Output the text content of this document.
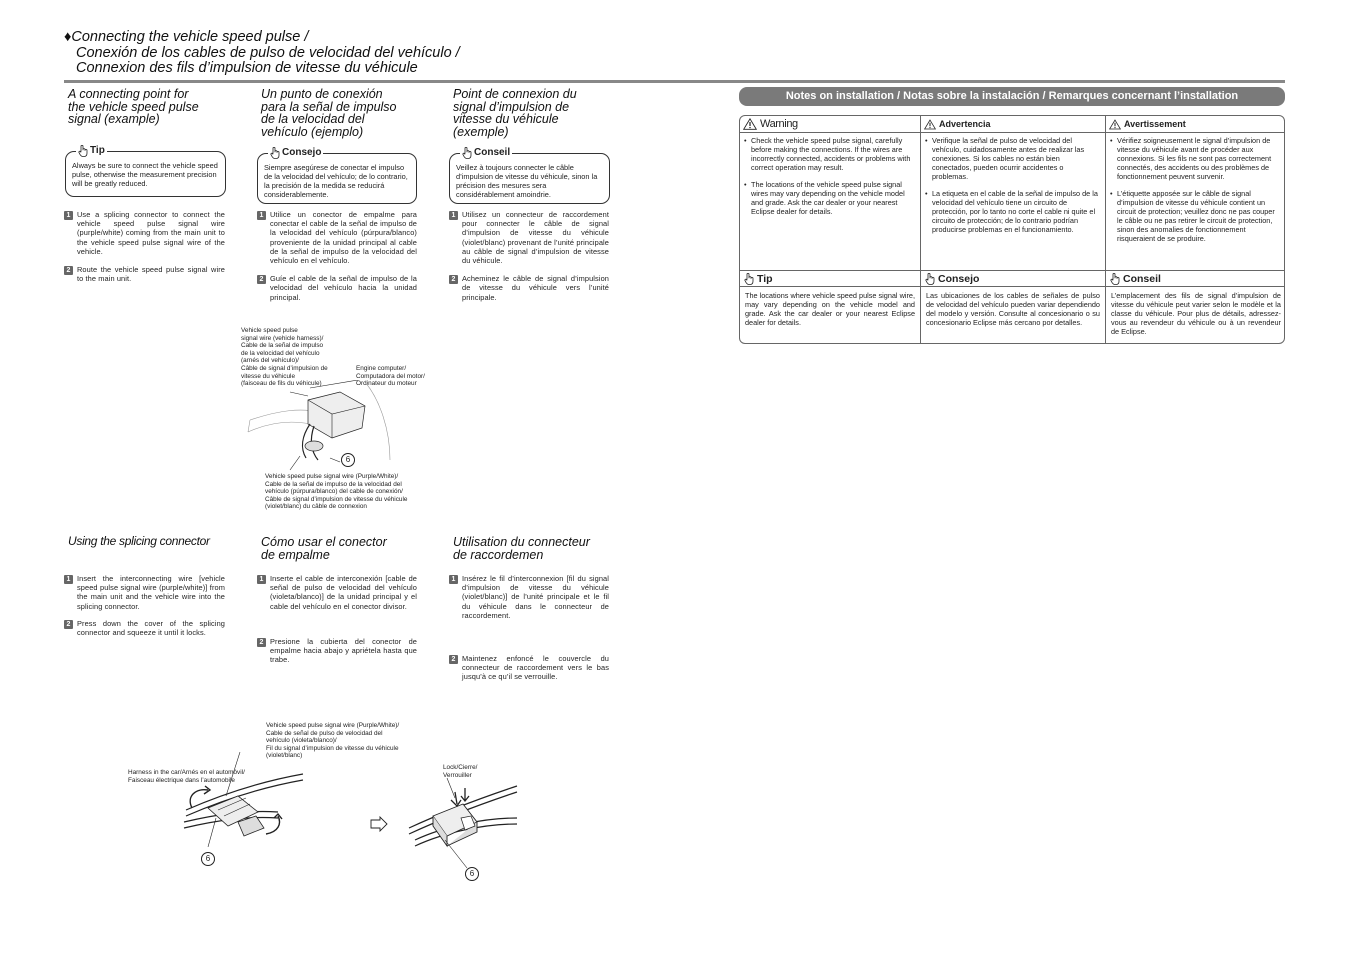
♦Connecting the vehicle speed pulse /
Conexión de los cables de pulso de velocidad del vehículo /
Connexion des fils d’impulsion de vitesse du véhicule
A connecting point for
the vehicle speed pulse
signal (example)
Un punto de conexión
para la señal de impulso
de la velocidad del
vehículo (ejemplo)
Point de connexion du
signal d’impulsion de
vitesse du véhicule
(exemple)
Tip
Always be sure to connect the vehicle speed pulse, otherwise the measurement precision will be greatly reduced.
Consejo
Siempre asegúrese de conectar el impulso de la velocidad del vehículo; de lo contrario, la precisión de la medida se reducirá considerablemente.
Conseil
Veillez à toujours connecter le câble d’impulsion de vitesse du véhicule, sinon la précision des mesures sera considérablement amoindrie.
1 Use a splicing connector to connect the vehicle speed pulse signal wire (purple/white) coming from the main unit to the vehicle speed pulse signal wire of the vehicle.
2 Route the vehicle speed pulse signal wire to the main unit.
1 Utilice un conector de empalme para conectar el cable de la señal de impulso de la velocidad del vehículo (púrpura/blanco) proveniente de la unidad principal al cable de la señal de impulso de la velocidad del vehículo en el vehículo.
2 Guíe el cable de la señal de impulso de la velocidad del vehículo hacia la unidad principal.
1 Utilisez un connecteur de raccordement pour connecter le câble de signal d’impulsion de vitesse du véhicule (violet/blanc) provenant de l’unité principale au câble de signal d’impulsion de vitesse du véhicule.
2 Acheminez le câble de signal d’impulsion de vitesse du véhicule vers l’unité principale.
Vehicle speed pulse
signal wire (vehicle harness)/
Cable de la señal de impulso
de la velocidad del vehículo
(arnés del vehículo)/
Câble de signal d’impulsion de
vitesse du véhicule
(faisceau de fils du véhicule)
Engine computer/
Computadora del motor/
Ordinateur du moteur
6
Vehicle speed pulse signal wire (Purple/White)/
Cable de la señal de impulso de la velocidad del
vehículo (púrpura/blanco) del cable de conexión/
Câble de signal d’impulsion de vitesse du véhicule
(violet/blanc) du câble de connexion
Using the splicing connector	Cómo usar el conector
de empalme
Utilisation du connecteur
de raccordemen
1 Insert the interconnecting wire [vehicle speed pulse signal wire (purple/white)] from the main unit and the vehicle wire into the splicing connector.
2 Press down the cover of the splicing connector and squeeze it until it locks.
1 Inserte el cable de interconexión [cable de señal de pulso de velocidad del vehículo (violeta/blanco)] de la unidad principal y el cable del vehículo en el conector divisor.
2 Presione la cubierta del conector de empalme hacia abajo y apriétela hasta que trabe.
1 Insérez le fil d’interconnexion [fil du signal d’impulsion de vitesse du véhicule (violet/blanc)] de l’unité principale et le fil du véhicule dans le connecteur de raccordement.
2 Maintenez enfoncé le couvercle du connecteur de raccordement vers le bas jusqu’à ce qu’il se verrouille.
Vehicle speed pulse signal wire (Purple/White)/
Cable de señal de pulso de velocidad del
vehículo (violeta/blanco)/
Fil du signal d’impulsion de vitesse du véhicule
(violet/blanc)
Harness in the car/Arnés en el automóvil/
Faisceau électrique dans l’automobile
Lock/Cierre/
Verrouiller
6
6
Notes on installation / Notas sobre la instalación / Remarques concernant l’installation
Warning
• Check the vehicle speed pulse signal, carefully before making the connections. If the wires are incorrectly connected, accidents or problems with correct operation may result.
• The locations of the vehicle speed pulse signal wires may vary depending on the vehicle model and grade. Ask the car dealer or your nearest Eclipse dealer for details.
Tip
The locations where vehicle speed pulse signal wire, may vary depending on the vehicle model and grade. Ask the car dealer or your nearest Eclipse dealer for details.
Advertencia
• Verifique la señal de pulso de velocidad del vehículo, cuidadosamente antes de realizar las conexiones. Si los cables no están bien conectados, pueden ocurrir accidentes o problemas.
• La etiqueta en el cable de la señal de impulso de la velocidad del vehículo tiene un circuito de protección, por lo tanto no corte el cable ni quite el circuito de protección; de lo contrario podrían producirse problemas en el funcionamiento.
Consejo
Las ubicaciones de los cables de señales de pulso de velocidad del vehículo pueden variar dependiendo del modelo y versión. Consulte al concesionario o su concesionario Eclipse más cercano por detalles.
Avertissement
• Vérifiez soigneusement le signal d’impulsion de vitesse du véhicule avant de procéder aux connexions. Si les fils ne sont pas correctement connectés, des accidents ou des problèmes de fonctionnement peuvent survenir.
• L’étiquette apposée sur le câble de signal d’impulsion de vitesse du véhicule contient un circuit de protection; veuillez donc ne pas couper le câble ou ne pas retirer le circuit de protection, sinon des anomalies de fonctionnement risqueraient de se produire.
Conseil
L’emplacement des fils de signal d’impulsion de vitesse du véhicule peut varier selon le modèle et la classe du véhicule. Pour plus de détails, adressez-vous au revendeur du véhicule ou à un revendeur de Eclipse.
